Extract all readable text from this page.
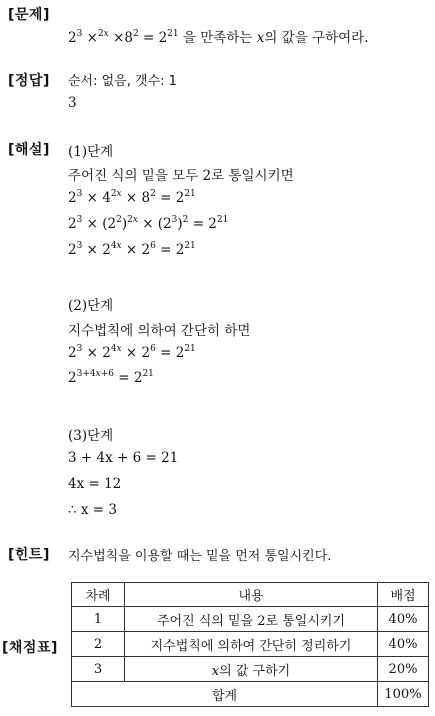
[문제]
$2^3 \times^{2x} \times 8^2 = 2^{21}$ 을 만족하는 x의 값을 구하여라.
[정답] 순서: 없음, 갯수: 1
3
[해설] (1)단계
주어진 식의 밑을 모두 2로 통일시키면
$2^3 \times 4^{2x} \times 8^2 = 2^{21}$
$2^3 \times (2^2)^{2x} \times (2^3)^2 = 2^{21}$
$2^3 \times 2^{4x} \times 2^6 = 2^{21}$
(2)단계
지수법칙에 의하여 간단히 하면
$2^3 \times 2^{4x} \times 2^6 = 2^{21}$
$2^{3+4x+6} = 2^{21}$
(3)단계
3 + 4x + 6 = 21
4x = 12
∴ x = 3
[힌트] 지수법칙을 이용할 때는 밑을 먼저 통일시킨다.
[채점표]
차례	내용	배점
1	주어진 식의 밑을 2로 통일시키기	40%
2	지수법칙에 의하여 간단히 정리하기	40%
3	x의 값 구하기	20%
합계		100%
